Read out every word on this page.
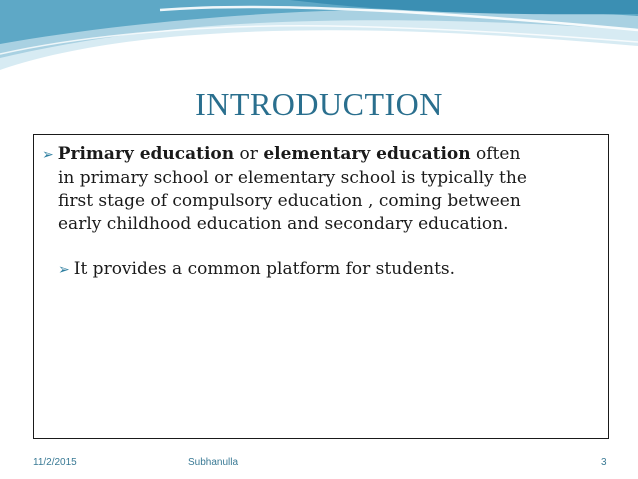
INTRODUCTION
➢ Primary education or elementary education often
in primary school or elementary school is typically the
first stage of compulsory education , coming between
early childhood education and secondary education.
➢ It provides a common platform for students.
11/2/2015	Subhanulla	3
